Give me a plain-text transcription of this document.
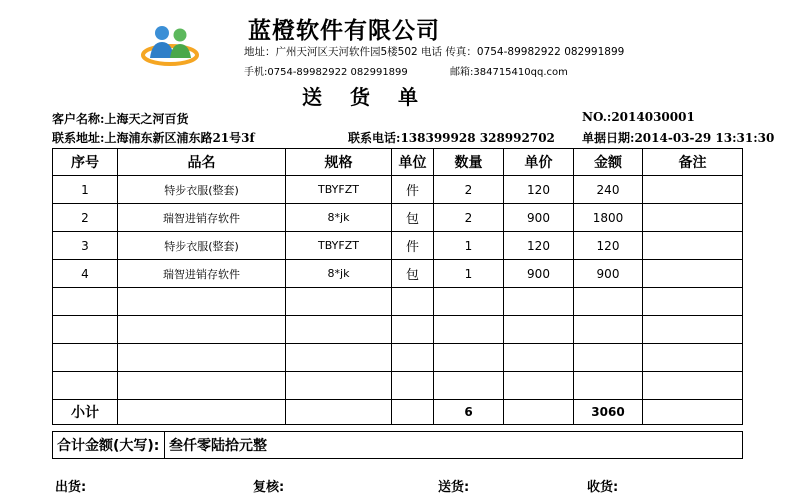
蓝橙软件有限公司
地址：广州天河区天河软件园5楼502 电话 传真：0754-89982922 082991899
手机:0754-89982922 082991899	邮箱:384715410qq.com
送货单
客户名称:上海天之河百货	NO.:2014030001
联系地址:上海浦东新区浦东路21号3f	联系电话:138399928 328992702 单据日期:2014-03-29 13:31:30
序号	品名	规格	单位	数量	单价	金额	备注
1	特步衣服(整套)	TBYFZT	件	2	120	240	
2	瑞智进销存软件	8*jk	包	2	900	1800	
3	特步衣服(整套)	TBYFZT	件	1	120	120	
4	瑞智进销存软件	8*jk	包	1	900	900	

小计				6		3060	
合计金额(大写):	叁仟零陆拾元整
出货:	复核:	送货:	收货:
